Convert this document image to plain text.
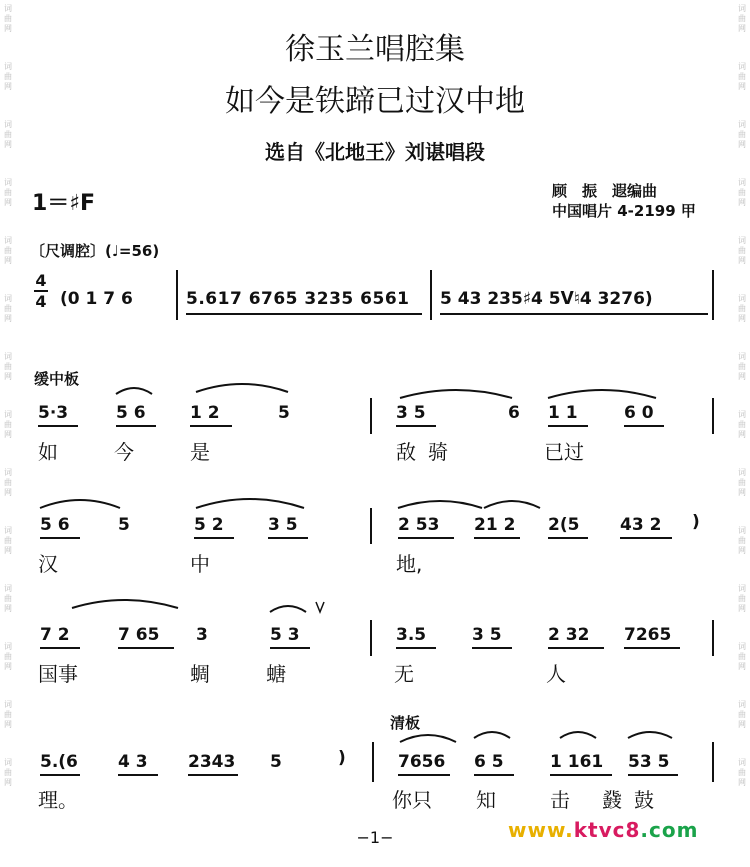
词曲网
词曲网
词曲网
词曲网
词曲网
词曲网
词曲网
词曲网
词曲网
词曲网
词曲网
词曲网
词曲网
词曲网
词曲网
词曲网
词曲网
词曲网
词曲网
词曲网
词曲网
词曲网
词曲网
词曲网
词曲网
词曲网
词曲网
词曲网
徐玉兰唱腔集
如今是铁蹄已过汉中地
选自《北地王》刘谌唱段
1＝♯F	顾　振　遐编曲
中国唱片 4-2199 甲
〔尺调腔〕(♩=56)
4
4 (0 1 7 6	5.617 6765 3235 6561 5 43 235♯4 5ᐯ♮4 3276)
缓中板
5·3	5 6	1 2	5	3 5	6 1 1	6 0
如	今	是	敌 骑	已过
5 6	5	5 2	3 5	2 53 21 2 2(5 43 2 )
汉	中	地,
7 2	7 65 3	5 3	3.5	3 5	2 32 7265
国事	蜩	螗	无	人
清板
5.(6 4 3 2343 5	)	7656 6 5	1 161 53 5
理。	你只 知	击 鼗 鼓
−1−	www.ktvc8.com
